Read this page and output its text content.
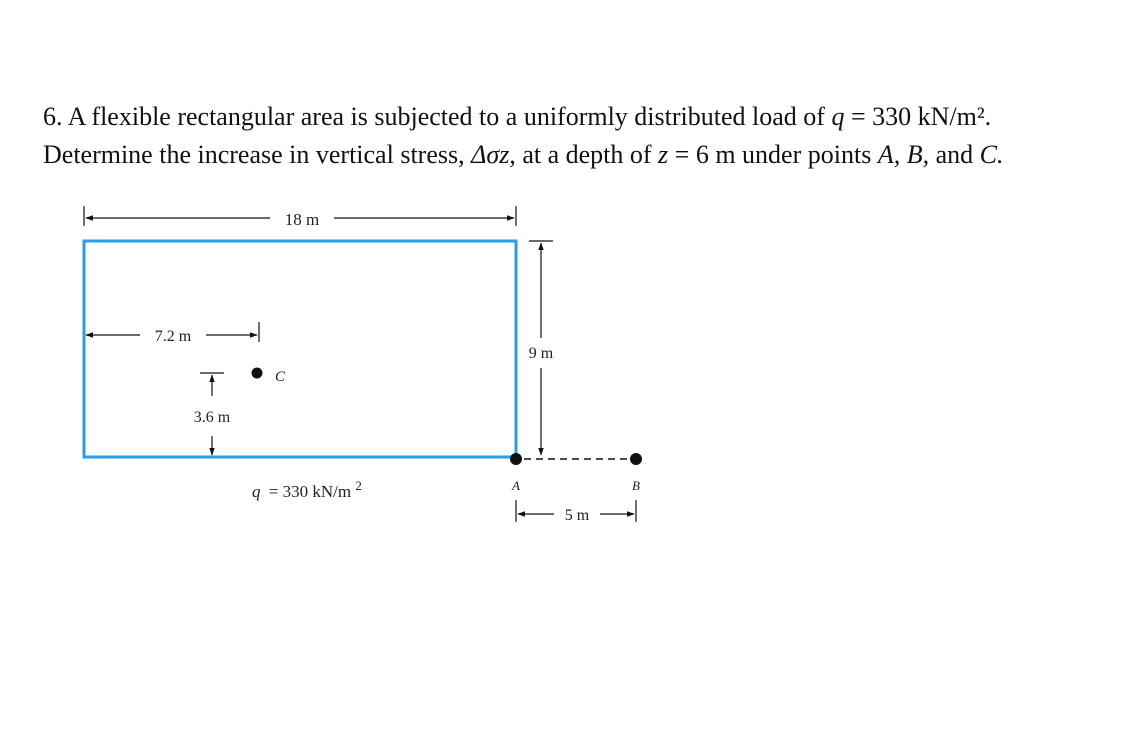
6. A flexible rectangular area is subjected to a uniformly distributed load of q = 330 kN/m².

Determine the increase in vertical stress, Δσz, at a depth of z = 6 m under points A, B, and C.

18 m
9 m
7.2 m
3.6 m
C
A	B
5 m
q = 330 kN/m $^2$
